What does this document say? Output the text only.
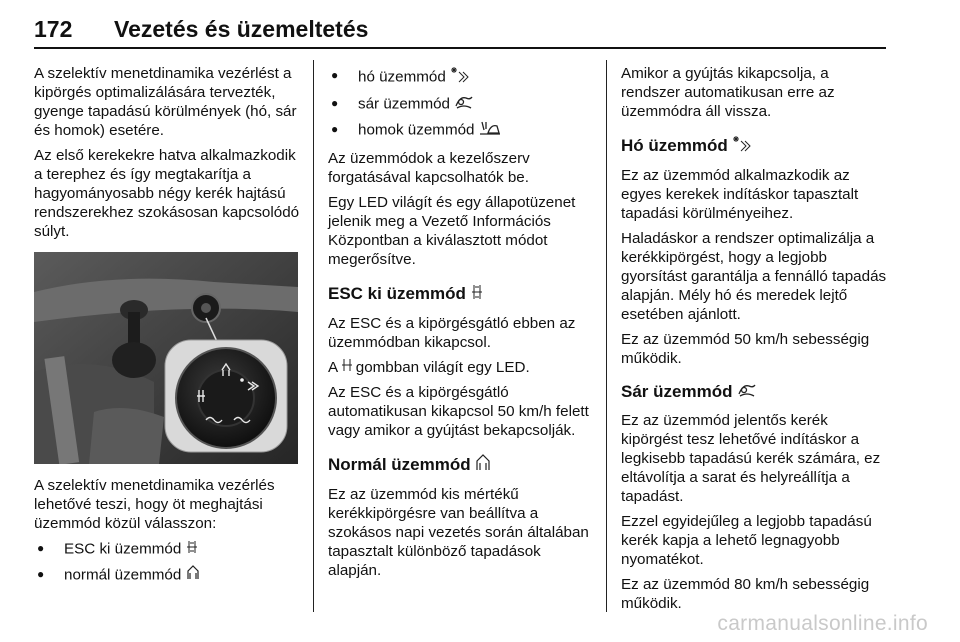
172 Vezetés és üzemeltetés

A szelektív menetdinamika vezérlést a kipörgés optimalizálására tervezték, gyenge tapadású körülmények (hó, sár és homok) esetére.

Az első kerekekre hatva alkalmazkodik a terephez és így megtakarítja a hagyományosabb négy kerék hajtású rendszerekhez szokásosan kapcsolódó súlyt.

A szelektív menetdinamika vezérlés lehetővé teszi, hogy öt meghajtási üzemmód közül válasszon:

● ESC ki üzemmód
● normál üzemmód
● hó üzemmód
● sár üzemmód
● homok üzemmód

Az üzemmódok a kezelőszerv forgatásával kapcsolhatók be.

Egy LED világít és egy állapotüzenet jelenik meg a Vezető Információs Központban a kiválasztott módot megerősítve.

ESC ki üzemmód

Az ESC és a kipörgésgátló ebben az üzemmódban kikapcsol.

A gombban világít egy LED.

Az ESC és a kipörgésgátló automatikusan kikapcsol 50 km/h felett vagy amikor a gyújtást bekapcsolják.

Normál üzemmód

Ez az üzemmód kis mértékű kerékkipörgésre van beállítva a szokásos napi vezetés során általában tapasztalt különböző tapadások alapján.

Amikor a gyújtás kikapcsolja, a rendszer automatikusan erre az üzemmódra áll vissza.

Hó üzemmód

Ez az üzemmód alkalmazkodik az egyes kerekek indításkor tapasztalt tapadási körülményeihez.

Haladáskor a rendszer optimalizálja a kerékkipörgést, hogy a legjobb gyorsítást garantálja a fennálló tapadás alapján. Mély hó és meredek lejtő esetében ajánlott.

Ez az üzemmód 50 km/h sebességig működik.

Sár üzemmód

Ez az üzemmód jelentős kerék kipörgést tesz lehetővé indításkor a legkisebb tapadású kerék számára, ez eltávolítja a sarat és helyreállítja a tapadást.

Ezzel egyidejűleg a legjobb tapadású kerék kapja a lehető legnagyobb nyomatékot.

Ez az üzemmód 80 km/h sebességig működik.

carmanualsonline.info
